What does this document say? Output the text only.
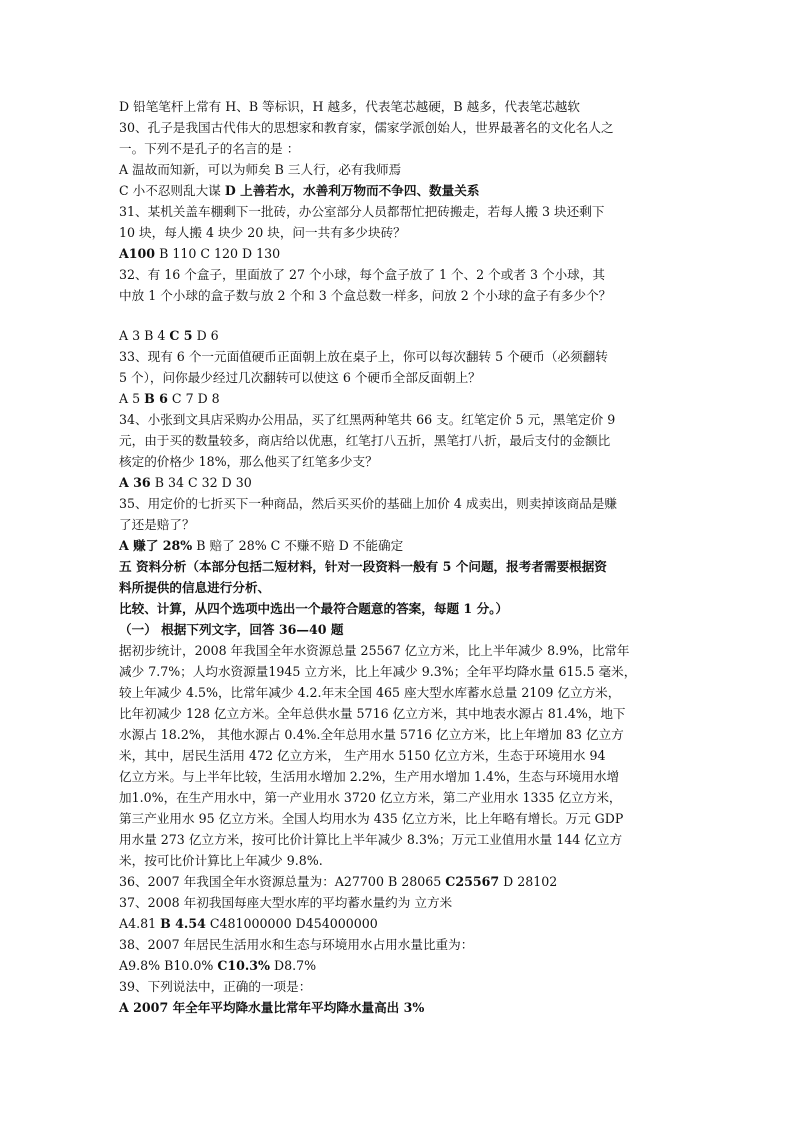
D 铅笔笔杆上常有 H、B 等标识，H 越多，代表笔芯越硬，B 越多，代表笔芯越软
30、孔子是我国古代伟大的思想家和教育家，儒家学派创始人，世界最著名的文化名人之
一。下列不是孔子的名言的是 ：
A 温故而知新，可以为师矣 B 三人行，必有我师焉
C 小不忍则乱大谋 D 上善若水，水善利万物而不争四、数量关系
31、某机关盖车棚剩下一批砖，办公室部分人员都帮忙把砖搬走，若每人搬 3 块还剩下
10 块，每人搬 4 块少 20 块，问一共有多少块砖？
A100 B 110 C 120 D 130
32、有 16 个盒子，里面放了 27 个小球，每个盒子放了 1 个、2 个或者 3 个小球，其
中放 1 个小球的盒子数与放 2 个和 3 个盒总数一样多，问放 2 个小球的盒子有多少个？
A 3 B 4 C 5 D 6
33、现有 6 个一元面值硬币正面朝上放在桌子上，你可以每次翻转 5 个硬币（必须翻转
5 个），问你最少经过几次翻转可以使这 6 个硬币全部反面朝上？
A 5 B 6 C 7 D 8
34、小张到文具店采购办公用品，买了红黑两种笔共 66 支。红笔定价 5 元，黑笔定价 9
元，由于买的数量较多，商店给以优惠，红笔打八五折，黑笔打八折，最后支付的金额比
核定的价格少 18%，那么他买了红笔多少支？
A 36 B 34 C 32 D 30
35、用定价的七折买下一种商品，然后买买价的基础上加价 4 成卖出，则卖掉该商品是赚
了还是赔了？
A 赚了 28% B 赔了 28% C 不赚不赔 D 不能确定
五 资料分析（本部分包括二短材料，针对一段资料一般有 5 个问题，报考者需要根据资
料所提供的信息进行分析、
比较、计算，从四个选项中选出一个最符合题意的答案，每题 1 分。）
（一） 根据下列文字，回答 36—40 题
据初步统计，2008 年我国全年水资源总量 25567 亿立方米，比上半年减少 8.9%，比常年
减少 7.7%；人均水资源量1945 立方米，比上年减少 9.3%；全年平均降水量 615.5 毫米，
较上年减少 4.5%，比常年减少 4.2.年末全国 465 座大型水库蓄水总量 2109 亿立方米，
比年初减少 128 亿立方米。全年总供水量 5716 亿立方米，其中地表水源占 81.4%，地下
水源占 18.2%， 其他水源占 0.4%.全年总用水量 5716 亿立方米，比上年增加 83 亿立方
米，其中，居民生活用 472 亿立方米， 生产用水 5150 亿立方米，生态于环境用水 94
亿立方米。与上半年比较，生活用水增加 2.2%，生产用水增加 1.4%，生态与环境用水增
加1.0%，在生产用水中，第一产业用水 3720 亿立方米，第二产业用水 1335 亿立方米，
第三产业用水 95 亿立方米。全国人均用水为 435 亿立方米，比上年略有增长。万元 GDP
用水量 273 亿立方米，按可比价计算比上半年减少 8.3%；万元工业值用水量 144 亿立方
米，按可比价计算比上年减少 9.8%.
36、2007 年我国全年水资源总量为：A27700 B 28065 C25567 D 28102
37、2008 年初我国每座大型水库的平均蓄水量约为 立方米
A4.81 B 4.54 C481000000 D454000000
38、2007 年居民生活用水和生态与环境用水占用水量比重为：
A9.8% B10.0% C10.3% D8.7%
39、下列说法中，正确的一项是：
A 2007 年全年平均降水量比常年平均降水量高出 3%
